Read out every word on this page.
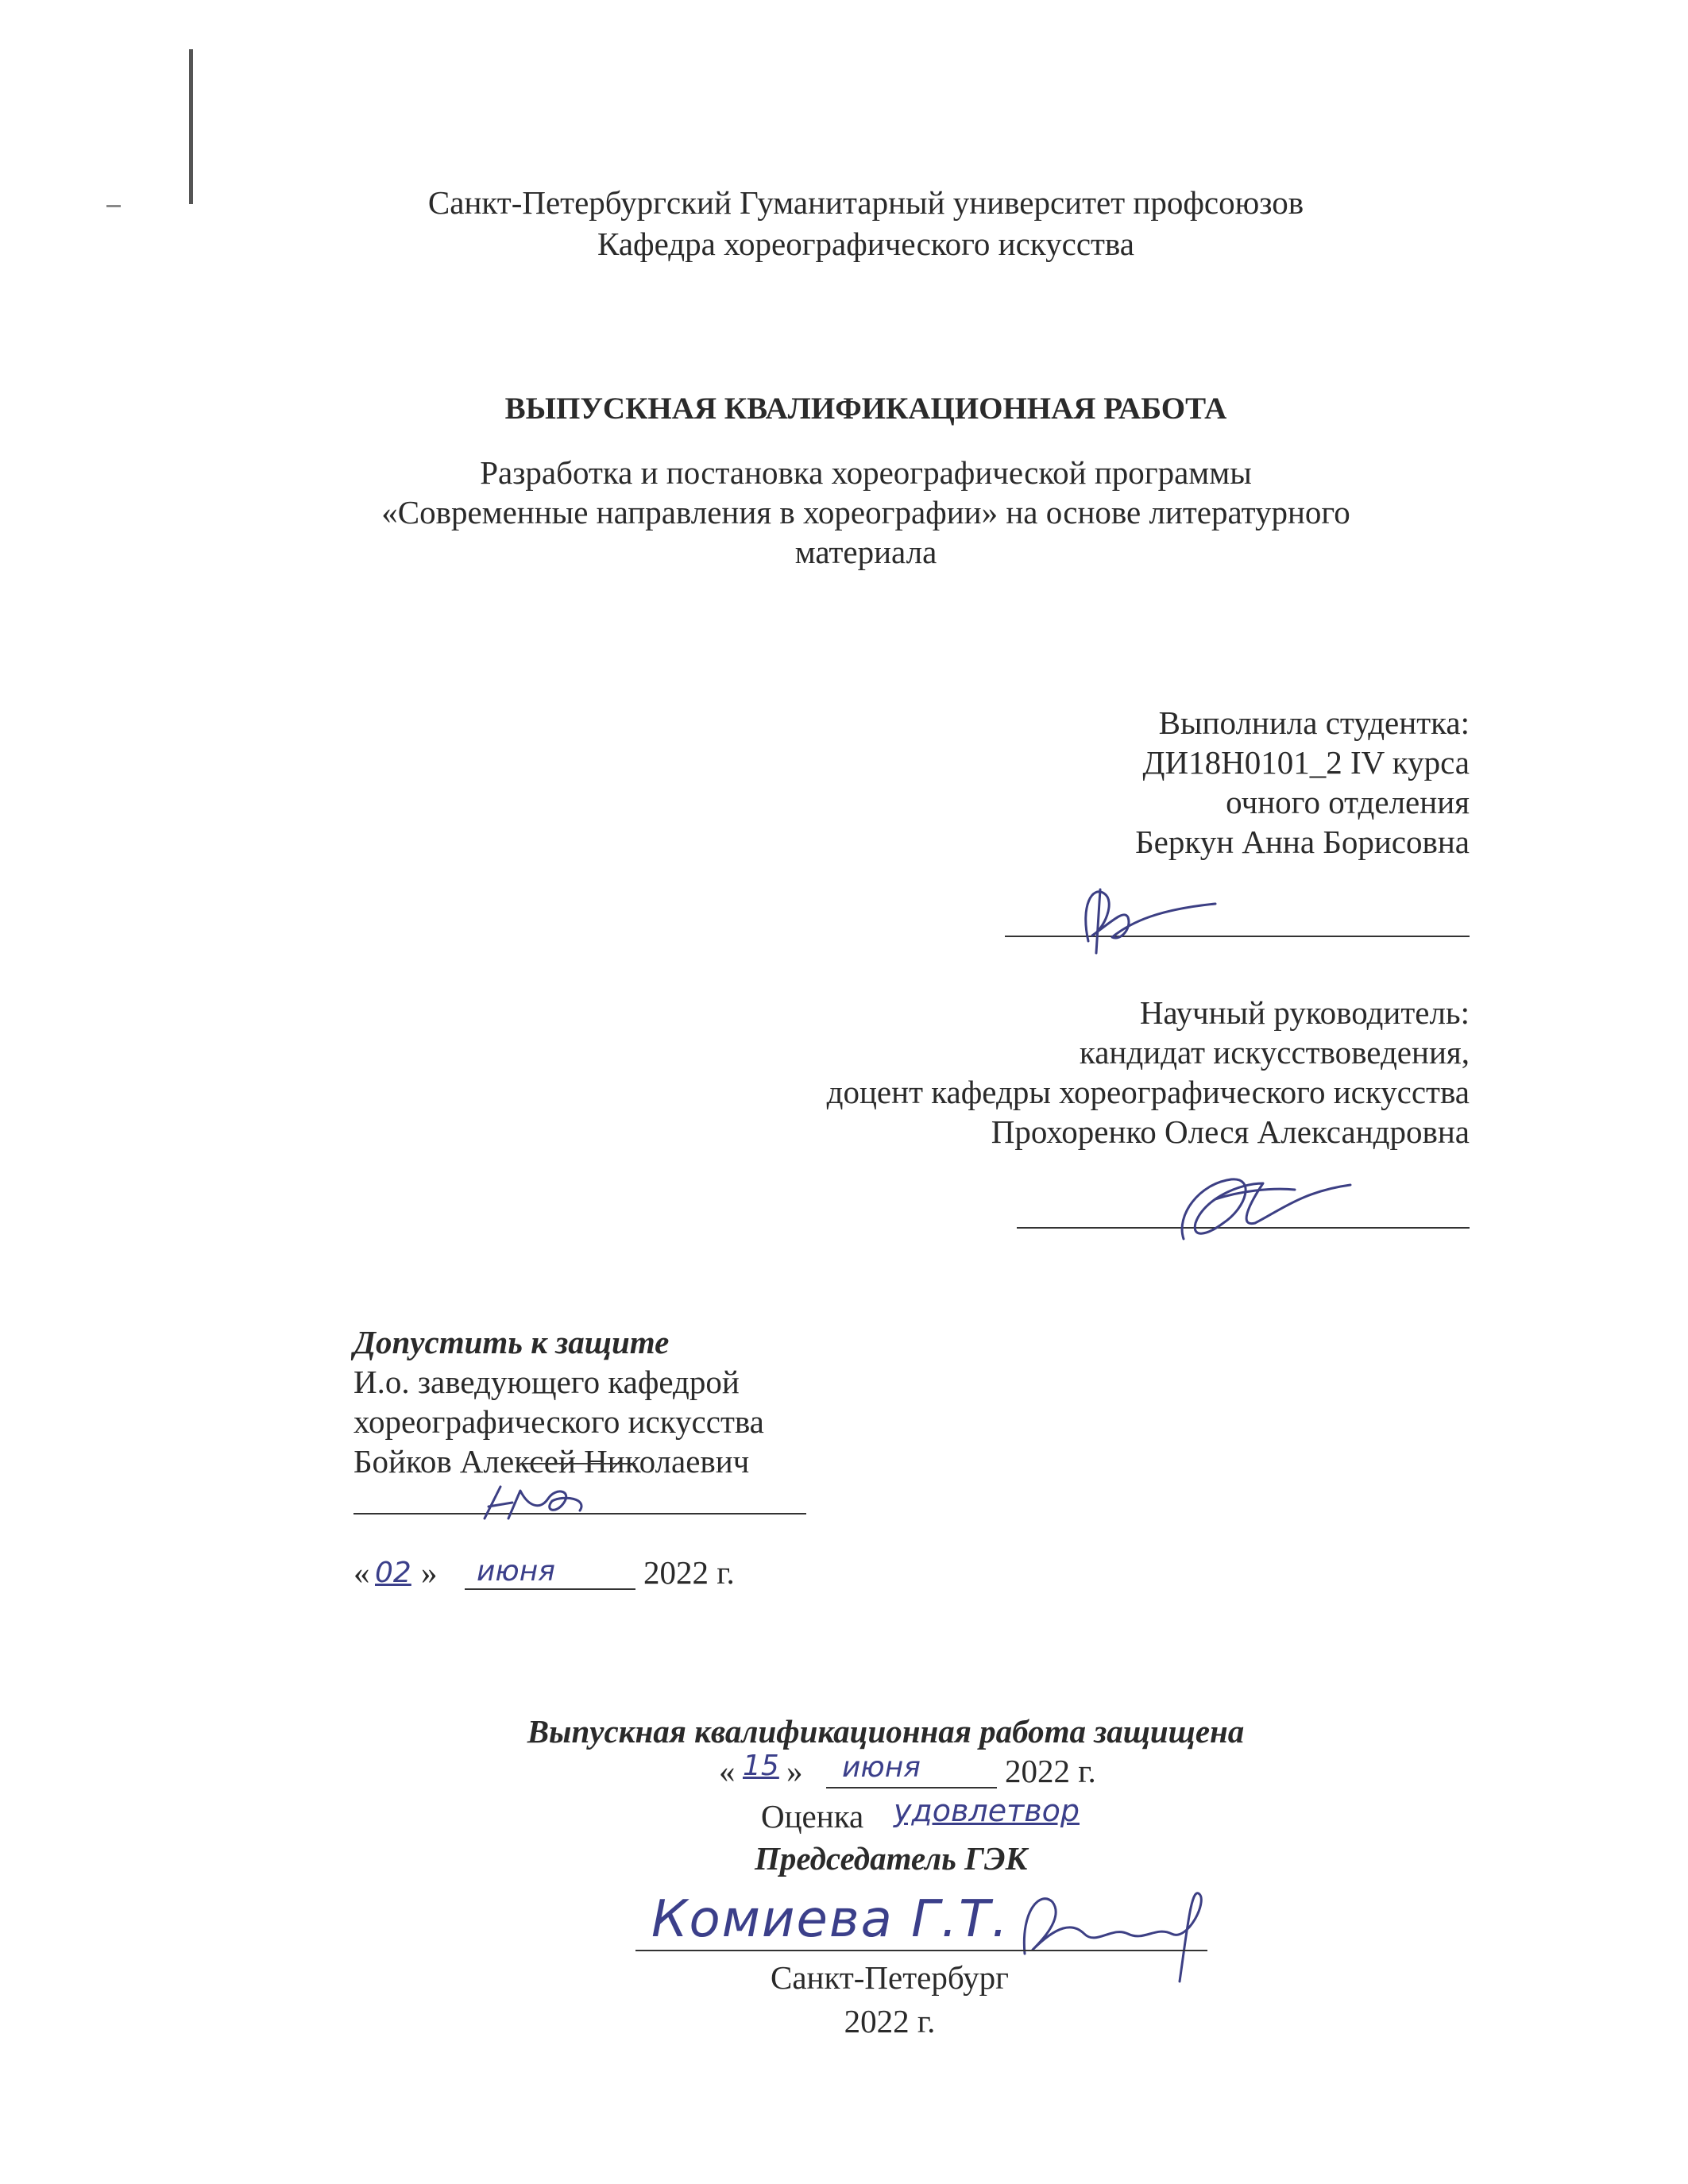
Санкт-Петербургский Гуманитарный университет профсоюзов
Кафедра хореографического искусства
ВЫПУСКНАЯ КВАЛИФИКАЦИОННАЯ РАБОТА
Разработка и постановка хореографической программы
«Современные направления в хореографии» на основе литературного
материала
Выполнила студентка:
ДИ18Н0101_2 IV курса
очного отделения
Беркун Анна Борисовна
Научный руководитель:
кандидат искусствоведения,
доцент кафедры хореографического искусства
Прохоренко Олеся Александровна
Допустить к защите
И.о. заведующего кафедрой
хореографического искусства
Бойков Алексей Николаевич
« 02 » июня	2022 г.
Выпускная квалификационная работа защищена
« 15 » июня	2022 г.
Оценка удовлетвор
Председатель ГЭК
Комиева Г.Т.
Санкт-Петербург
2022 г.
